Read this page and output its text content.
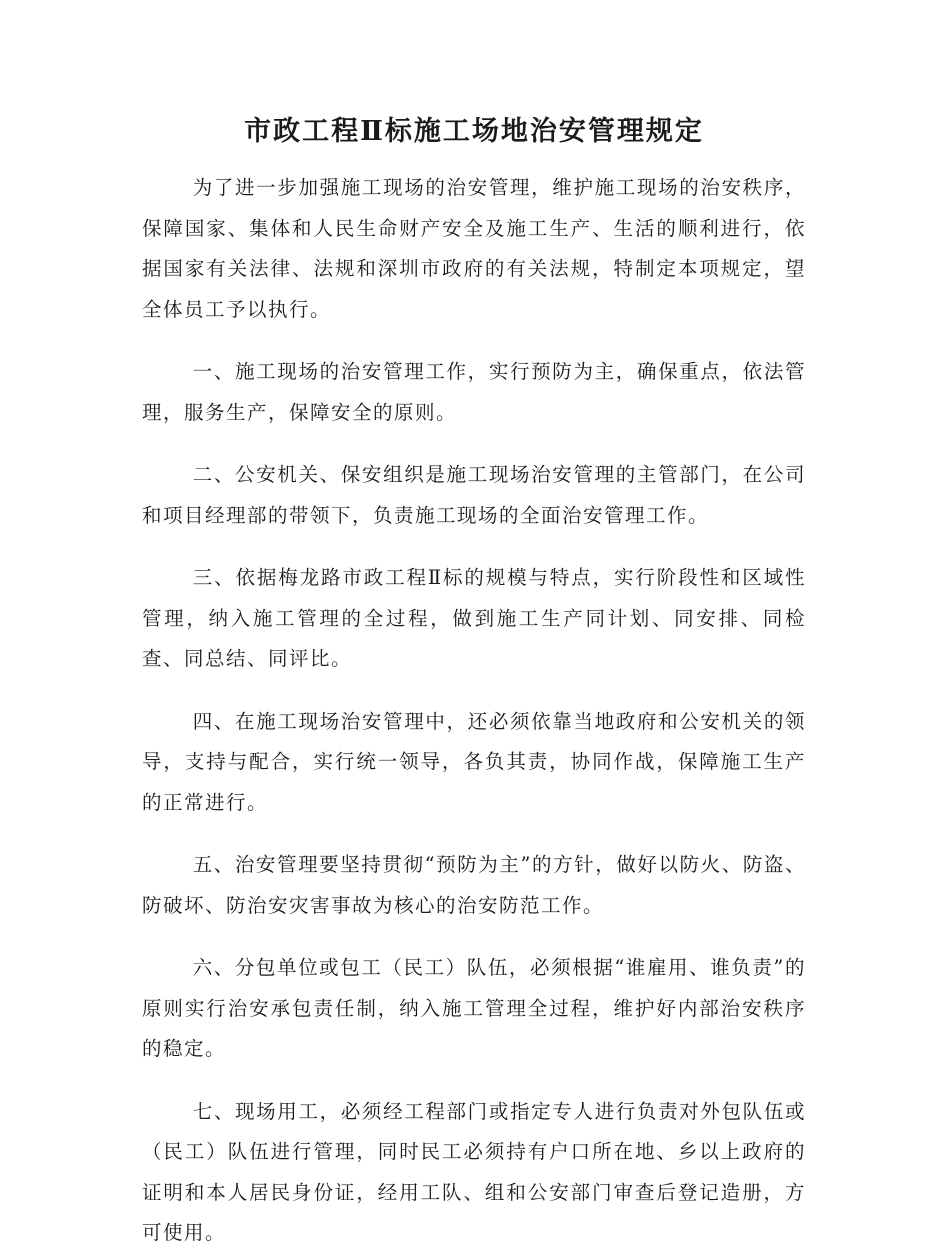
市政工程Ⅱ标施工场地治安管理规定

为了进一步加强施工现场的治安管理，维护施工现场的治安秩序，保障国家、集体和人民生命财产安全及施工生产、生活的顺利进行，依据国家有关法律、法规和深圳市政府的有关法规，特制定本项规定，望全体员工予以执行。

一、施工现场的治安管理工作，实行预防为主，确保重点，依法管理，服务生产，保障安全的原则。

二、公安机关、保安组织是施工现场治安管理的主管部门，在公司和项目经理部的带领下，负责施工现场的全面治安管理工作。

三、依据梅龙路市政工程Ⅱ标的规模与特点，实行阶段性和区域性管理，纳入施工管理的全过程，做到施工生产同计划、同安排、同检查、同总结、同评比。

四、在施工现场治安管理中，还必须依靠当地政府和公安机关的领导，支持与配合，实行统一领导，各负其责，协同作战，保障施工生产的正常进行。

五、治安管理要坚持贯彻“预防为主”的方针，做好以防火、防盗、防破坏、防治安灾害事故为核心的治安防范工作。

六、分包单位或包工（民工）队伍，必须根据“谁雇用、谁负责”的原则实行治安承包责任制，纳入施工管理全过程，维护好内部治安秩序的稳定。

七、现场用工，必须经工程部门或指定专人进行负责对外包队伍或（民工）队伍进行管理，同时民工必须持有户口所在地、乡以上政府的证明和本人居民身份证，经用工队、组和公安部门审查后登记造册，方可使用。
